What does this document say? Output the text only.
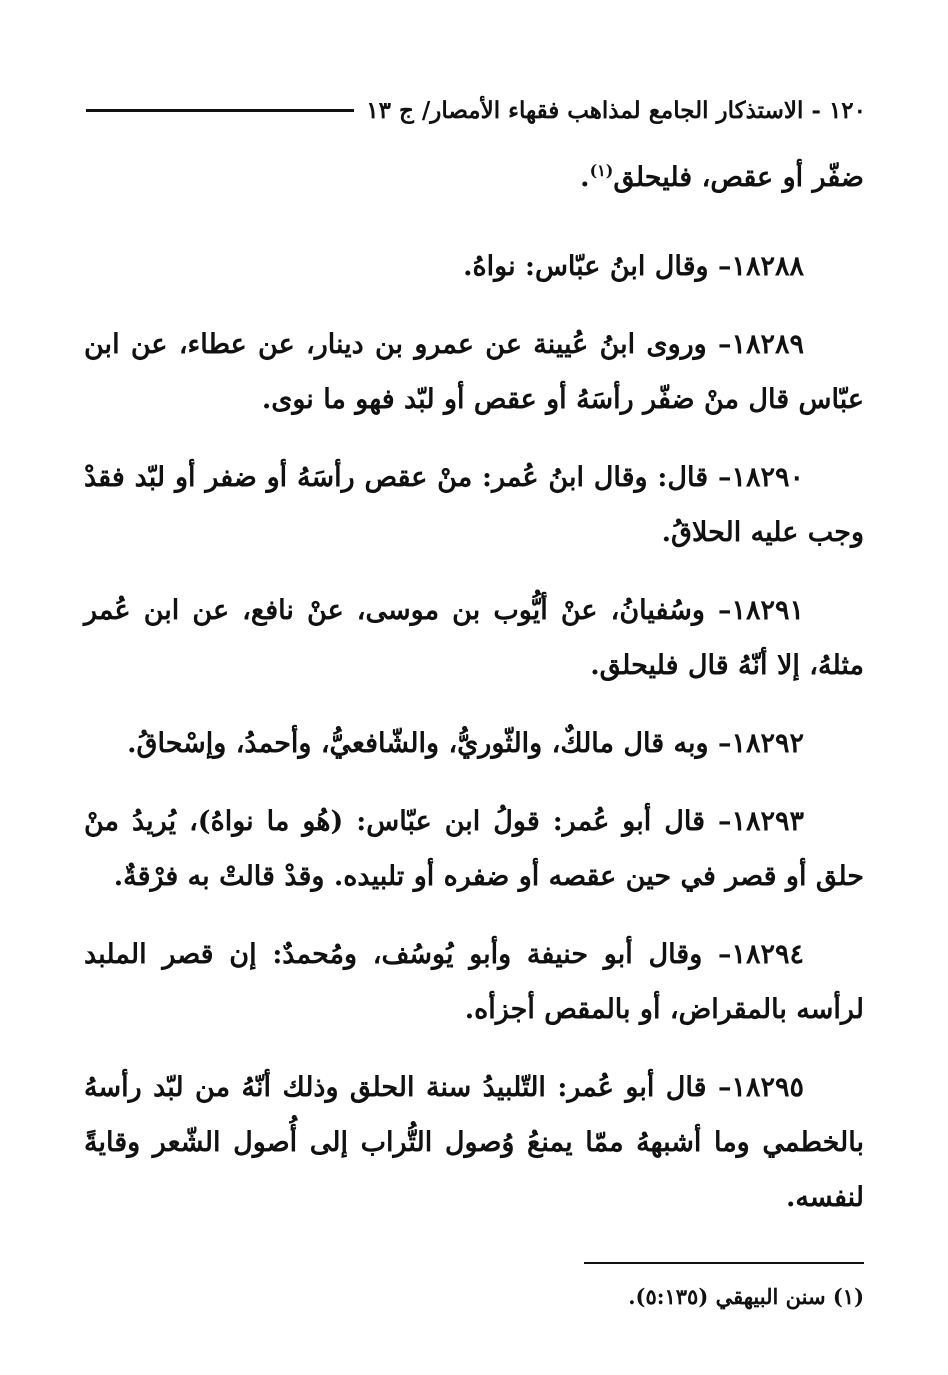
١٢٠ - الاستذكار الجامع لمذاهب فقهاء الأمصار/ ج ١٣

ضفّر أو عقص، فليحلق$^{(١)}$.

١٨٢٨٨– وقال ابنُ عبّاس: نواهُ.

١٨٢٨٩– وروى ابنُ عُيينة عن عمرو بن دينار، عن عطاء، عن ابن عبّاس قال منْ ضفّر رأسَهُ أو عقص أو لبّد فهو ما نوى.

١٨٢٩٠– قال: وقال ابنُ عُمر: منْ عقص رأسَهُ أو ضفر أو لبّد فقدْ وجب عليه الحلاقُ.

١٨٢٩١– وسُفيانُ، عنْ أيُّوب بن موسى، عنْ نافع، عن ابن عُمر مثلهُ، إلا أنّهُ قال فليحلق.

١٨٢٩٢– وبه قال مالكٌ، والثّوريُّ، والشّافعيُّ، وأحمدُ، وإسْحاقُ.

١٨٢٩٣– قال أبو عُمر: قولُ ابن عبّاس: (هُو ما نواهُ)، يُريدُ منْ حلق أو قصر في حين عقصه أو ضفره أو تلبيده. وقدْ قالتْ به فرْقةٌ.

١٨٢٩٤– وقال أبو حنيفة وأبو يُوسُف، ومُحمدٌ: إن قصر الملبد لرأسه بالمقراض، أو بالمقص أجزأه.

١٨٢٩٥– قال أبو عُمر: التّلبيدُ سنة الحلق وذلك أنّهُ من لبّد رأسهُ بالخطمي وما أشبههُ ممّا يمنعُ وُصول التُّراب إلى أُصول الشّعر وقايةً لنفسه.

(١) سنن البيهقي (٥:١٣٥).
